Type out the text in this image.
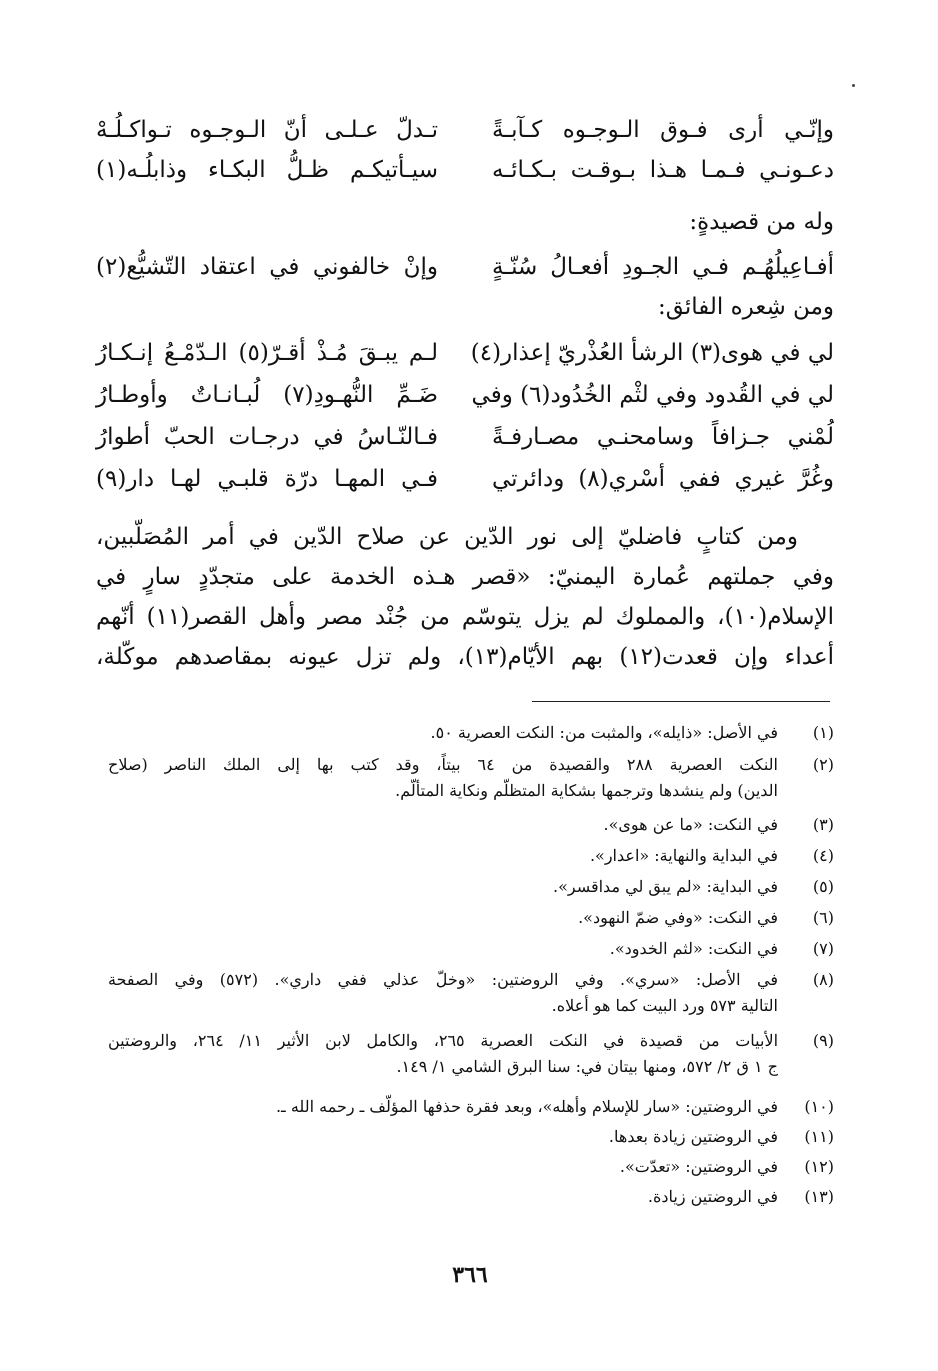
وإنّـي أرى فـوق الـوجـوه كـآبـةً
تـدلّ عـلـى أنّ الـوجـوه تـواكـلُـهْ
دعـونـي فـمـا هـذا بـوقـت بـكـائـه
سيـأتيكـم ظـلُّ البكـاء وذابلُـه(١)
وله من قصيدةٍ:
أفـاعِيلُهُـم فـي الجـودِ أفعـالُ سُنّـةٍ
وإنْ خالفوني في اعتقاد التّشيُّع(٢)
ومن شِعره الفائق:
لي في هوى(٣) الرشأ العُذْريّ إعذار(٤)
لـم يبـقَ مُـذْ أقـرّ(٥) الـدّمْـعُ إنـكـارُ
لي في القُدود وفي لثْم الخُدُود(٦) وفي
ضَـمِّ النُّهـودِ(٧) لُبـانـاتٌ وأوطـارُ
لُمْني جـزافاً وسامحنـي مصـارفـةً
فـالنّـاسُ في درجـات الحبّ أطوارُ
وغُرَّ غيري ففي أسْري(٨) ودائرتي
فـي المهـا درّة قلبـي لهـا دار(٩)
ومن كتابٍ فاضليّ إلى نور الدّين عن صلاح الدّين في أمر المُصَلّبين،
وفي جملتهم عُمارة اليمنيّ: «قصر هـذه الخدمة على متجدّدٍ سارٍ في
الإسلام(١٠)، والمملوك لم يزل يتوسّم من جُنْد مصر وأهل القصر(١١) أنّهم
أعداء وإن قعدت(١٢) بهم الأيّام(١٣)، ولم تزل عيونه بمقاصدهم موكّلة،
(١)
في الأصل: «ذايله»، والمثبت من: النكت العصرية ٥٠.
(٢)
النكت العصرية ٢٨٨ والقصيدة من ٦٤ بيتاً، وقد كتب بها إلى الملك الناصر (صلاح
الدين) ولم ينشدها وترجمها بشكاية المتظلّم ونكاية المتألّم.
(٣)
في النكت: «ما عن هوى».
(٤)
في البداية والنهاية: «اعدار».
(٥)
في البداية: «لم يبق لي مداقسر».
(٦)
في النكت: «وفي ضمّ النهود».
(٧)
في النكت: «لثم الخدود».
(٨)
في الأصل: «سري». وفي الروضتين: «وخلّ عذلي ففي داري». (٥٧٢) وفي الصفحة
التالية ٥٧٣ ورد البيت كما هو أعلاه.
(٩)
الأبيات من قصيدة في النكت العصرية ٢٦٥، والكامل لابن الأثير ١١/ ٢٦٤، والروضتين
ج ١ ق ٢/ ٥٧٢، ومنها بيتان في: سنا البرق الشامي ١/ ١٤٩.
(١٠)
في الروضتين: «سار للإسلام وأهله»، وبعد فقرة حذفها المؤلّف ـ رحمه الله ـ.
(١١)
في الروضتين زيادة بعدها.
(١٢)
في الروضتين: «تعدّت».
(١٣)
في الروضتين زيادة.
٣٦٦
